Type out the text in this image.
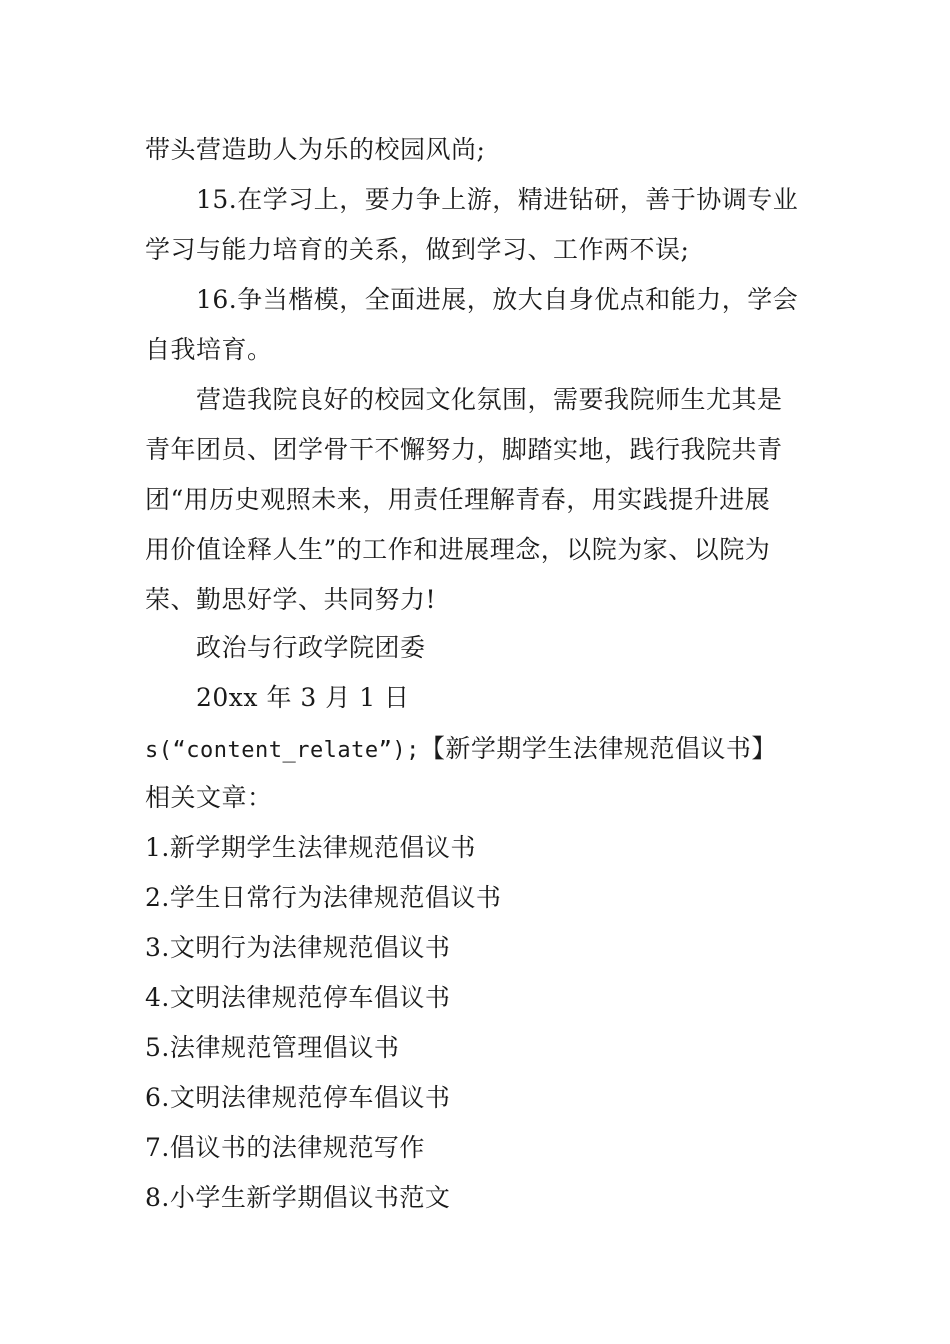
带头营造助人为乐的校园风尚;
15.在学习上，要力争上游，精进钻研，善于协调专业
学习与能力培育的关系，做到学习、工作两不误;
16.争当楷模，全面进展，放大自身优点和能力，学会
自我培育。
营造我院良好的校园文化氛围，需要我院师生尤其是
青年团员、团学骨干不懈努力，脚踏实地，践行我院共青
团“用历史观照未来，用责任理解青春，用实践提升进展
用价值诠释人生”的工作和进展理念，以院为家、以院为
荣、勤思好学、共同努力!
政治与行政学院团委
20xx 年 3 月 1 日
s(“content_relate”);【新学期学生法律规范倡议书】
相关文章：
1.新学期学生法律规范倡议书
2.学生日常行为法律规范倡议书
3.文明行为法律规范倡议书
4.文明法律规范停车倡议书
5.法律规范管理倡议书
6.文明法律规范停车倡议书
7.倡议书的法律规范写作
8.小学生新学期倡议书范文
